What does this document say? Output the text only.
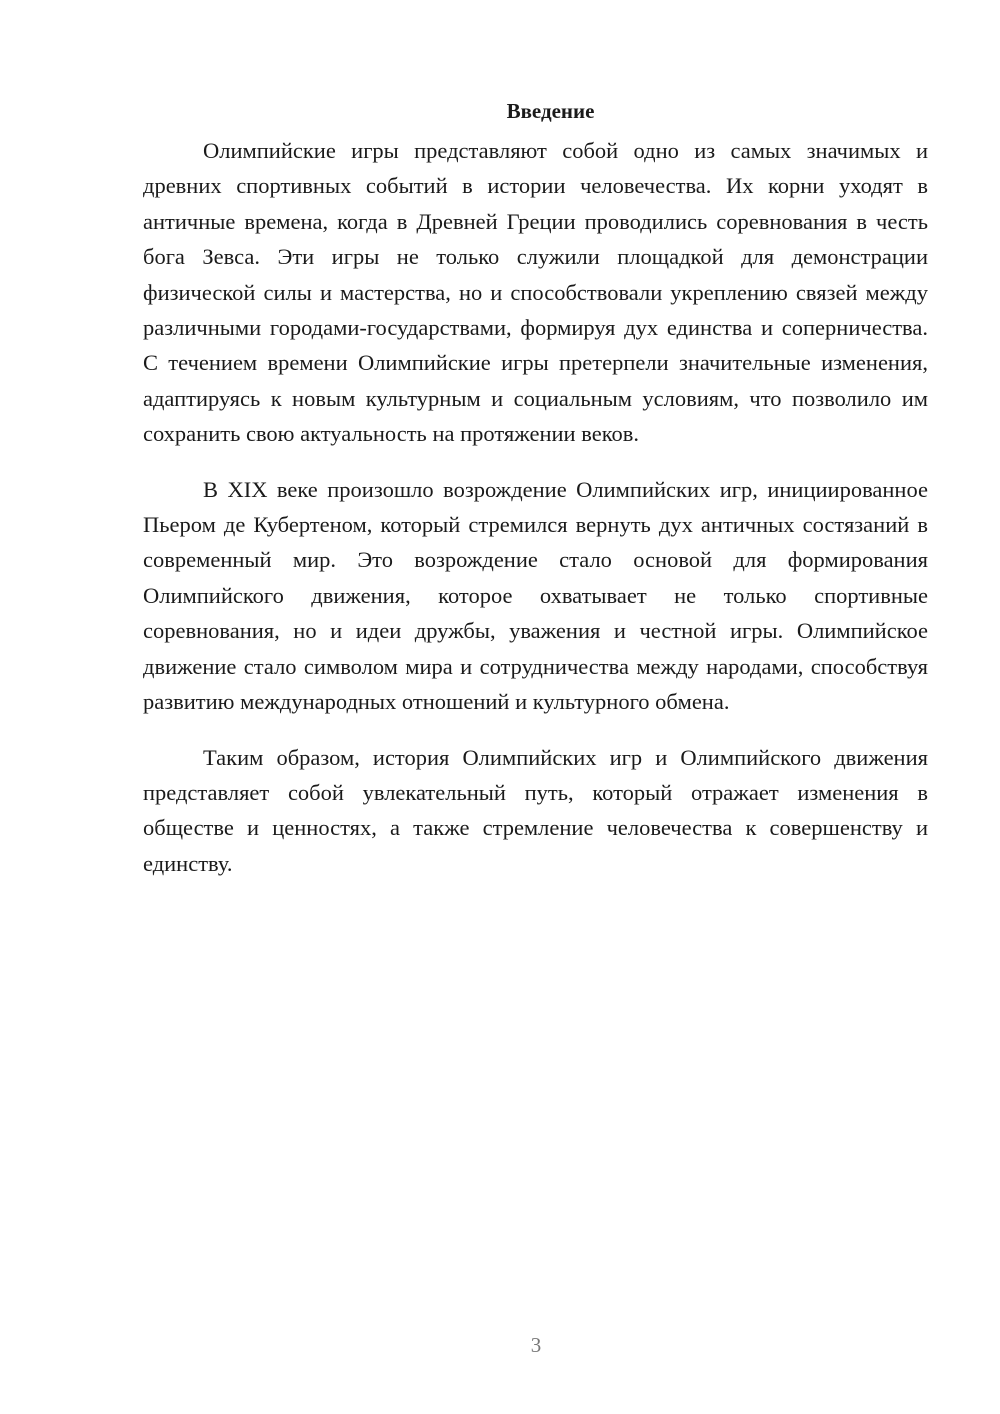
Введение

Олимпийские игры представляют собой одно из самых значимых и древних спортивных событий в истории человечества. Их корни уходят в античные времена, когда в Древней Греции проводились соревнования в честь бога Зевса. Эти игры не только служили площадкой для демонстрации физической силы и мастерства, но и способствовали укреплению связей между различными городами-государствами, формируя дух единства и соперничества. С течением времени Олимпийские игры претерпели значительные изменения, адаптируясь к новым культурным и социальным условиям, что позволило им сохранить свою актуальность на протяжении веков.

В XIX веке произошло возрождение Олимпийских игр, инициированное Пьером де Кубертеном, который стремился вернуть дух античных состязаний в современный мир. Это возрождение стало основой для формирования Олимпийского движения, которое охватывает не только спортивные соревнования, но и идеи дружбы, уважения и честной игры. Олимпийское движение стало символом мира и сотрудничества между народами, способствуя развитию международных отношений и культурного обмена.

Таким образом, история Олимпийских игр и Олимпийского движения представляет собой увлекательный путь, который отражает изменения в обществе и ценностях, а также стремление человечества к совершенству и единству.

3
